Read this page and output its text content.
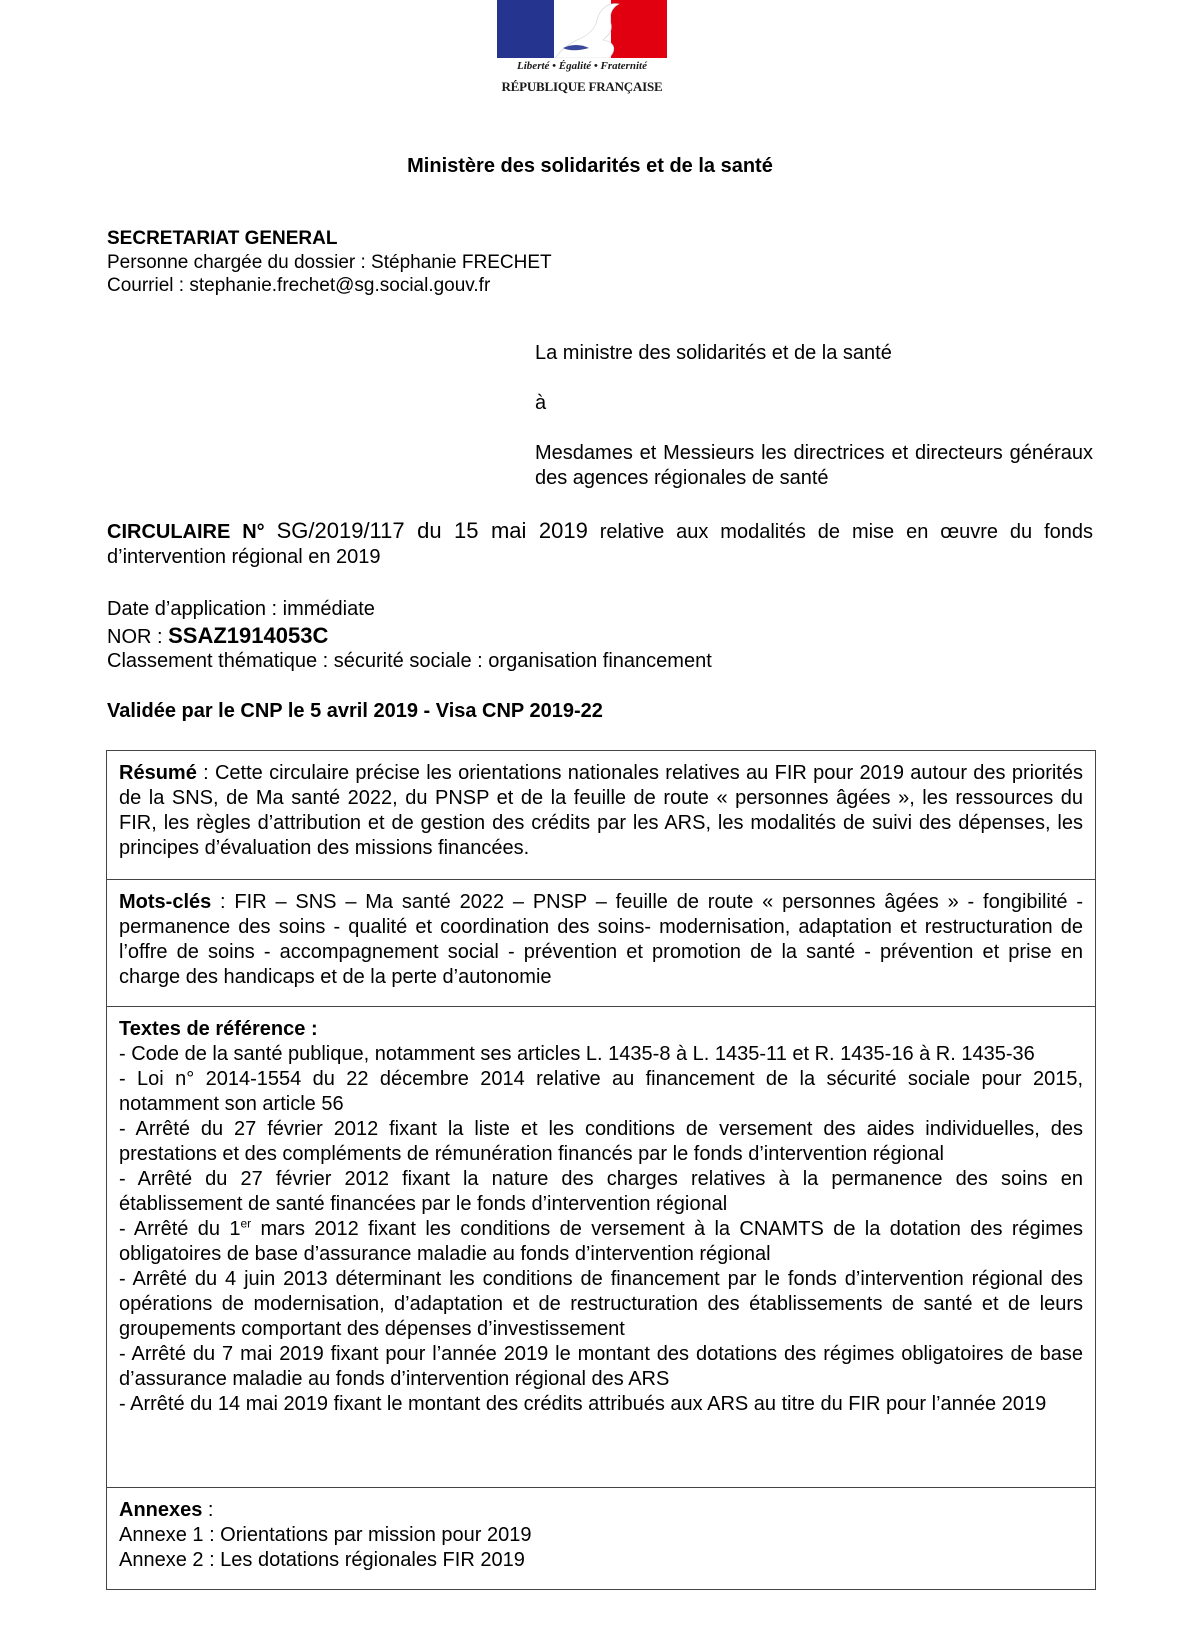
Liberté • Égalité • Fraternité
RÉPUBLIQUE FRANÇAISE
Ministère des solidarités et de la santé
SECRETARIAT GENERAL
Personne chargée du dossier : Stéphanie FRECHET
Courriel : stephanie.frechet@sg.social.gouv.fr
La ministre des solidarités et de la santé
à
Mesdames et Messieurs les directrices et directeurs généraux des agences régionales de santé
CIRCULAIRE N° SG/2019/117 du 15 mai 2019 relative aux modalités de mise en œuvre du fonds d’intervention régional en 2019
Date d’application : immédiate
NOR : SSAZ1914053C
Classement thématique : sécurité sociale : organisation financement
Validée par le CNP le 5 avril 2019 - Visa CNP 2019-22
Résumé : Cette circulaire précise les orientations nationales relatives au FIR pour 2019 autour des priorités de la SNS, de Ma santé 2022, du PNSP et de la feuille de route « personnes âgées », les ressources du FIR, les règles d’attribution et de gestion des crédits par les ARS, les modalités de suivi des dépenses, les principes d’évaluation des missions financées.
Mots-clés : FIR – SNS – Ma santé 2022 – PNSP – feuille de route « personnes âgées » - fongibilité - permanence des soins - qualité et coordination des soins- modernisation, adaptation et restructuration de l’offre de soins - accompagnement social - prévention et promotion de la santé - prévention et prise en charge des handicaps et de la perte d’autonomie
Textes de référence :
- Code de la santé publique, notamment ses articles L. 1435-8 à L. 1435-11 et R. 1435-16 à R. 1435-36
- Loi n° 2014-1554 du 22 décembre 2014 relative au financement de la sécurité sociale pour 2015, notamment son article 56
- Arrêté du 27 février 2012 fixant la liste et les conditions de versement des aides individuelles, des prestations et des compléments de rémunération financés par le fonds d’intervention régional
- Arrêté du 27 février 2012 fixant la nature des charges relatives à la permanence des soins en établissement de santé financées par le fonds d’intervention régional
- Arrêté du 1er mars 2012 fixant les conditions de versement à la CNAMTS de la dotation des régimes obligatoires de base d’assurance maladie au fonds d’intervention régional
- Arrêté du 4 juin 2013 déterminant les conditions de financement par le fonds d’intervention régional des opérations de modernisation, d’adaptation et de restructuration des établissements de santé et de leurs groupements comportant des dépenses d’investissement
- Arrêté du 7 mai 2019 fixant pour l’année 2019 le montant des dotations des régimes obligatoires de base d’assurance maladie au fonds d’intervention régional des ARS
- Arrêté du 14 mai 2019 fixant le montant des crédits attribués aux ARS au titre du FIR pour l’année 2019
Annexes :
Annexe 1 : Orientations par mission pour 2019
Annexe 2 : Les dotations régionales FIR 2019
